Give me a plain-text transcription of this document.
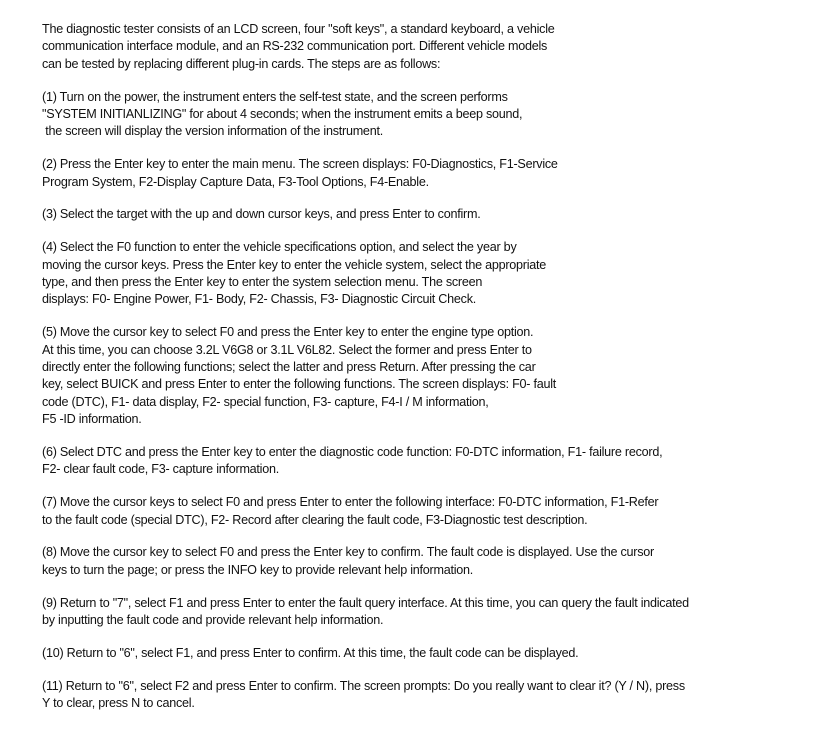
The diagnostic tester consists of an LCD screen, four "soft keys", a standard keyboard, a vehicle
communication interface module, and an RS-232 communication port. Different vehicle models
can be tested by replacing different plug-in cards. The steps are as follows:

(1) Turn on the power, the instrument enters the self-test state, and the screen performs
"SYSTEM INITIANLIZING" for about 4 seconds; when the instrument emits a beep sound,
the screen will display the version information of the instrument.

(2) Press the Enter key to enter the main menu. The screen displays: F0-Diagnostics, F1-Service
Program System, F2-Display Capture Data, F3-Tool Options, F4-Enable.

(3) Select the target with the up and down cursor keys, and press Enter to confirm.

(4) Select the F0 function to enter the vehicle specifications option, and select the year by
moving the cursor keys. Press the Enter key to enter the vehicle system, select the appropriate
type, and then press the Enter key to enter the system selection menu. The screen
displays: F0- Engine Power, F1- Body, F2- Chassis, F3- Diagnostic Circuit Check.

(5) Move the cursor key to select F0 and press the Enter key to enter the engine type option.
At this time, you can choose 3.2L V6G8 or 3.1L V6L82. Select the former and press Enter to
directly enter the following functions; select the latter and press Return. After pressing the car
key, select BUICK and press Enter to enter the following functions. The screen displays: F0- fault
code (DTC), F1- data display, F2- special function, F3- capture, F4-I / M information,
F5 -ID information.

(6) Select DTC and press the Enter key to enter the diagnostic code function: F0-DTC information, F1- failure record,
F2- clear fault code, F3- capture information.

(7) Move the cursor keys to select F0 and press Enter to enter the following interface: F0-DTC information, F1-Refer
to the fault code (special DTC), F2- Record after clearing the fault code, F3-Diagnostic test description.

(8) Move the cursor key to select F0 and press the Enter key to confirm. The fault code is displayed. Use the cursor
keys to turn the page; or press the INFO key to provide relevant help information.

(9) Return to "7", select F1 and press Enter to enter the fault query interface. At this time, you can query the fault indicated
by inputting the fault code and provide relevant help information.

(10) Return to "6", select F1, and press Enter to confirm. At this time, the fault code can be displayed.

(11) Return to "6", select F2 and press Enter to confirm. The screen prompts: Do you really want to clear it? (Y / N), press
Y to clear, press N to cancel.
